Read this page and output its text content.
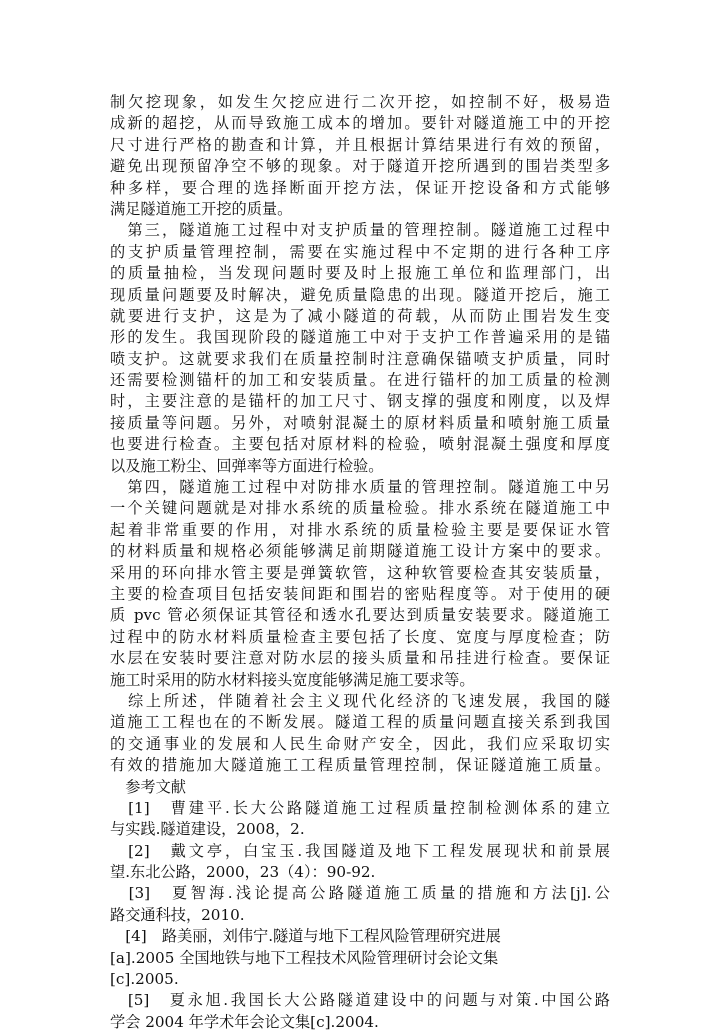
制欠挖现象，如发生欠挖应进行二次开挖，如控制不好，极易造
成新的超挖，从而导致施工成本的增加。要针对隧道施工中的开挖
尺寸进行严格的勘查和计算，并且根据计算结果进行有效的预留，
避免出现预留净空不够的现象。对于隧道开挖所遇到的围岩类型多
种多样，要合理的选择断面开挖方法，保证开挖设备和方式能够
满足隧道施工开挖的质量。
　第三，隧道施工过程中对支护质量的管理控制。隧道施工过程中
的支护质量管理控制，需要在实施过程中不定期的进行各种工序
的质量抽检，当发现问题时要及时上报施工单位和监理部门，出
现质量问题要及时解决，避免质量隐患的出现。隧道开挖后，施工
就要进行支护，这是为了减小隧道的荷载，从而防止围岩发生变
形的发生。我国现阶段的隧道施工中对于支护工作普遍采用的是锚
喷支护。这就要求我们在质量控制时注意确保锚喷支护质量，同时
还需要检测锚杆的加工和安装质量。在进行锚杆的加工质量的检测
时，主要注意的是锚杆的加工尺寸、钢支撑的强度和刚度，以及焊
接质量等问题。另外，对喷射混凝土的原材料质量和喷射施工质量
也要进行检查。主要包括对原材料的检验，喷射混凝土强度和厚度
以及施工粉尘、回弹率等方面进行检验。
　第四，隧道施工过程中对防排水质量的管理控制。隧道施工中另
一个关键问题就是对排水系统的质量检验。排水系统在隧道施工中
起着非常重要的作用，对排水系统的质量检验主要是要保证水管
的材料质量和规格必须能够满足前期隧道施工设计方案中的要求。
采用的环向排水管主要是弹簧软管，这种软管要检查其安装质量，
主要的检查项目包括安装间距和围岩的密贴程度等。对于使用的硬
质 pvc 管必须保证其管径和透水孔要达到质量安装要求。隧道施工
过程中的防水材料质量检查主要包括了长度、宽度与厚度检查；防
水层在安装时要注意对防水层的接头质量和吊挂进行检查。要保证
施工时采用的防水材料接头宽度能够满足施工要求等。
　综上所述，伴随着社会主义现代化经济的飞速发展，我国的隧
道施工工程也在的不断发展。隧道工程的质量问题直接关系到我国
的交通事业的发展和人民生命财产安全，因此，我们应采取切实
有效的措施加大隧道施工工程质量管理控制，保证隧道施工质量。
　参考文献
　[1]　曹建平.长大公路隧道施工过程质量控制检测体系的建立
与实践.隧道建设，2008，2.
　[2]　戴文亭，白宝玉.我国隧道及地下工程发展现状和前景展
望.东北公路，2000，23（4）：90-92.
　[3]　夏智海.浅论提高公路隧道施工质量的措施和方法[j].公
路交通科技，2010.
　[4]　路美丽，刘伟宁.隧道与地下工程风险管理研究进展
[a].2005 全国地铁与地下工程技术风险管理研讨会论文集
[c].2005.
　[5]　夏永旭.我国长大公路隧道建设中的问题与对策.中国公路
学会 2004 年学术年会论文集[c].2004.
